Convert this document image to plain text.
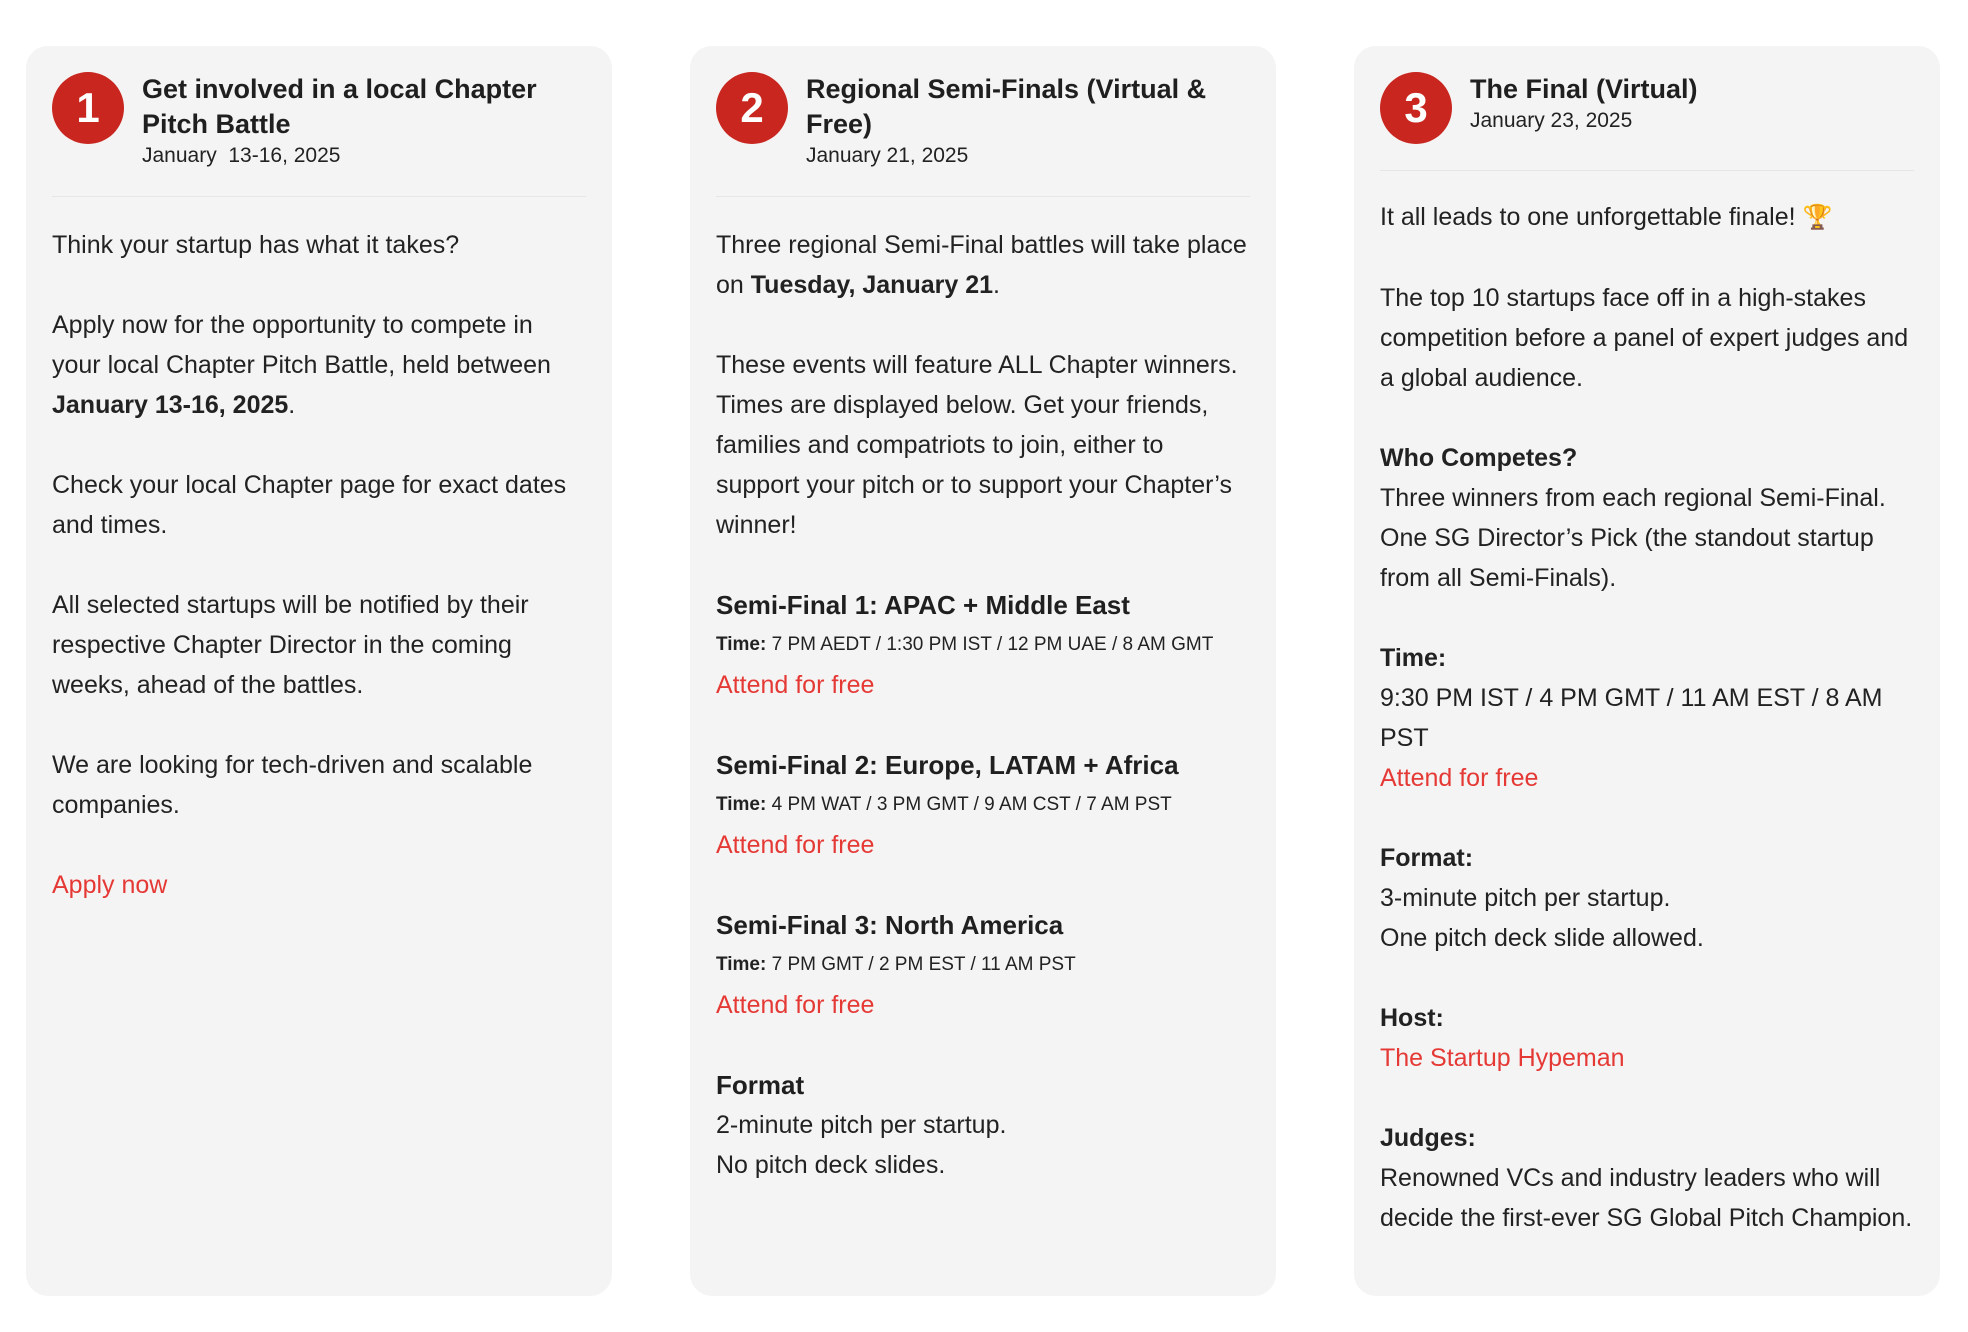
1	Get involved in a local Chapter Pitch Battle
January  13-16, 2025
Think your startup has what it takes?
Apply now for the opportunity to compete in your local Chapter Pitch Battle, held between January 13-16, 2025.
Check your local Chapter page for exact dates and times.
All selected startups will be notified by their respective Chapter Director in the coming weeks, ahead of the battles.
We are looking for tech-driven and scalable companies.
Apply now
2	Regional Semi-Finals (Virtual & Free)
January 21, 2025
Three regional Semi-Final battles will take place on Tuesday, January 21.
These events will feature ALL Chapter winners. Times are displayed below. Get your friends, families and compatriots to join, either to support your pitch or to support your Chapter’s winner!
Semi-Final 1: APAC + Middle East
Time: 7 PM AEDT / 1:30 PM IST / 12 PM UAE / 8 AM GMT
Attend for free
Semi-Final 2: Europe, LATAM + Africa
Time: 4 PM WAT / 3 PM GMT / 9 AM CST / 7 AM PST
Attend for free
Semi-Final 3: North America
Time: 7 PM GMT / 2 PM EST / 11 AM PST
Attend for free
Format
2-minute pitch per startup.
No pitch deck slides.
3	The Final (Virtual)
January 23, 2025
It all leads to one unforgettable finale! 🏆
The top 10 startups face off in a high-stakes competition before a panel of expert judges and a global audience.
Who Competes?
Three winners from each regional Semi-Final.
One SG Director’s Pick (the standout startup from all Semi-Finals).
Time:
9:30 PM IST / 4 PM GMT / 11 AM EST / 8 AM PST
Attend for free
Format:
3-minute pitch per startup.
One pitch deck slide allowed.
Host:
The Startup Hypeman
Judges:
Renowned VCs and industry leaders who will decide the first-ever SG Global Pitch Champion.
